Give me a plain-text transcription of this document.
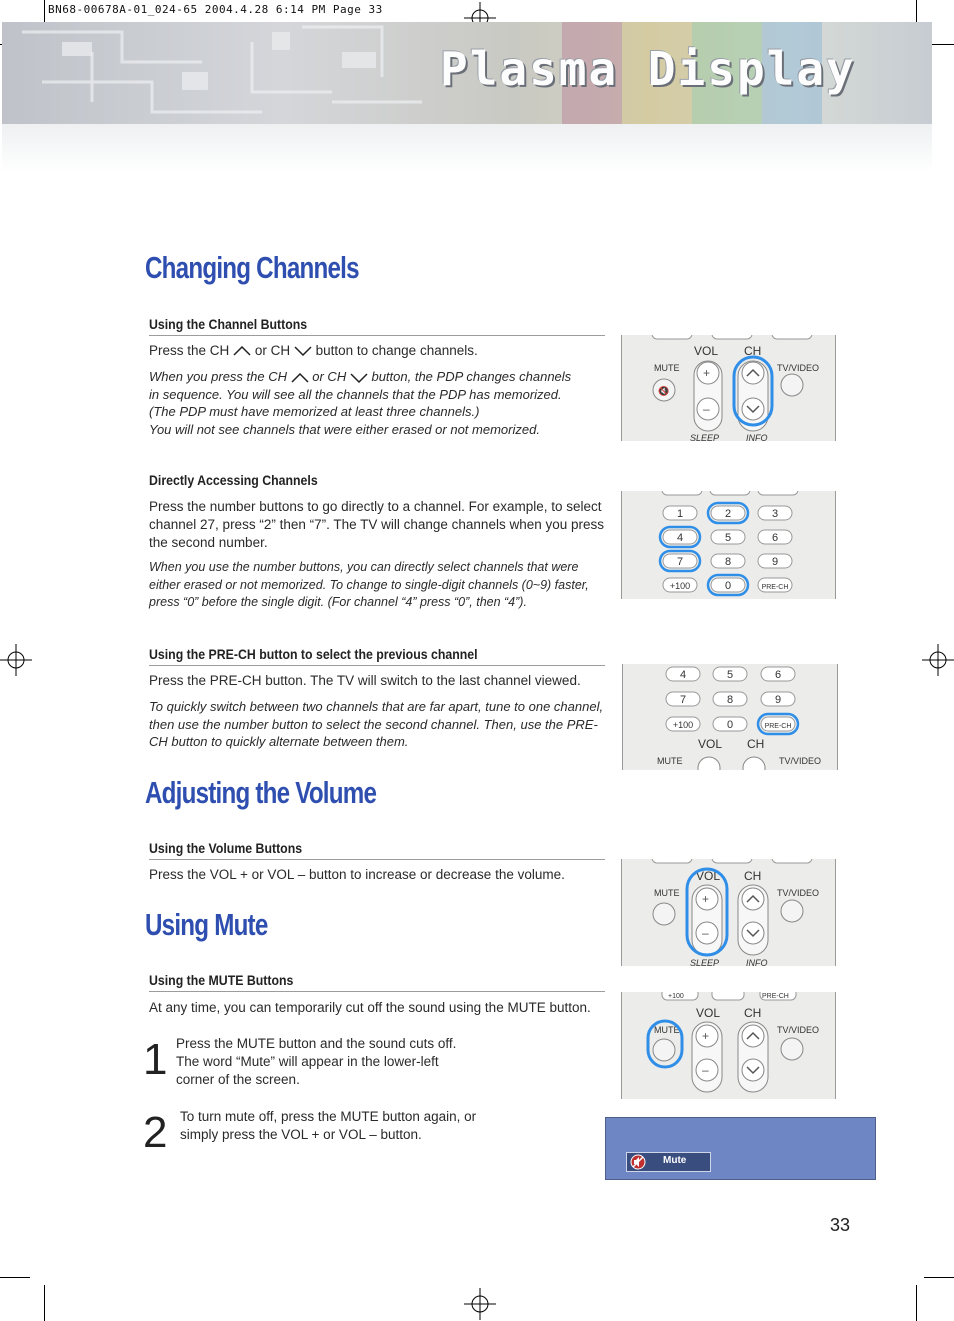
BN68-00678A-01_024-65 2004.4.28 6:14 PM Page 33
Plasma Display
Changing Channels
Using the Channel Buttons
Press the CH or CH button to change channels.
When you press the CH or CH button, the PDP changes channels
in sequence. You will see all the channels that the PDP has memorized.
(The PDP must have memorized at least three channels.)
You will not see channels that were either erased or not memorized.
VOL CH
MUTE	TV/VIDEO
🔇
+
–
SLEEP	INFO
Directly Accessing Channels
Press the number buttons to go directly to a channel. For example, to select channel 27, press “2” then “7”. The TV will change channels when you press the second number.
When you use the number buttons, you can directly select channels that were either erased or not memorized. To change to single-digit channels (0~9) faster, press “0” before the single digit. (For channel “4” press “0”, then “4”).
1	2	3
4	5	6
7	8	9
+100	0	PRE-CH
Using the PRE-CH button to select the previous channel
Press the PRE-CH button. The TV will switch to the last channel viewed.
To quickly switch between two channels that are far apart, tune to one channel, then use the number button to select the second channel. Then, use the PRE-CH button to quickly alternate between them.
4	5	6
7	8	9
+100	0	PRE-CH
VOL CH
MUTE	TV/VIDEO
Adjusting the Volume
Using the Volume Buttons
Press the VOL + or VOL – button to increase or decrease the volume.	VOL CH
MUTE	TV/VIDEO
+
–
SLEEP	INFO
Using Mute
Using the MUTE Buttons
At any time, you can temporarily cut off the sound using the MUTE button.
1 Press the MUTE button and the sound cuts off. The word “Mute” will appear in the lower-left corner of the screen.
2 To turn mute off, press the MUTE button again, or simply press the VOL + or VOL – button.
+100	PRE-CH
VOL CH
MUTE	TV/VIDEO
+
–
Mute
33
